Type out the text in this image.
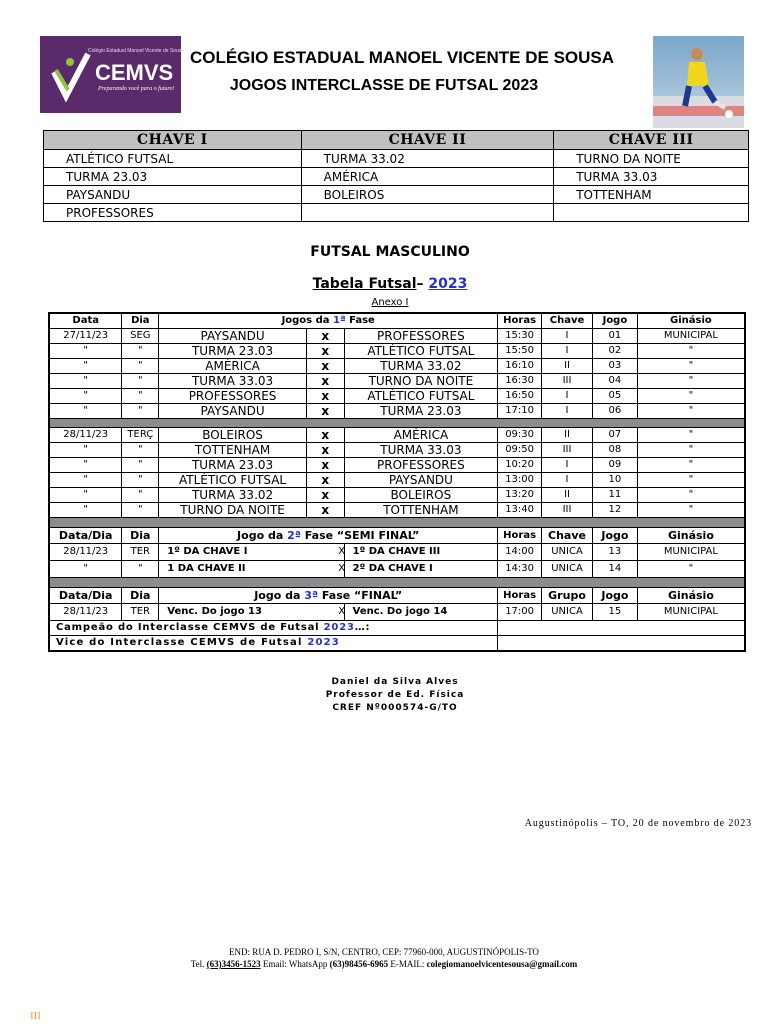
Colégio Estadual Manoel Vicente de Sousa
CEMVS
Preparando você para o futuro!
COLÉGIO ESTADUAL MANOEL VICENTE DE SOUSA
JOGOS INTERCLASSE DE FUTSAL 2023
CHAVE I	CHAVE II	CHAVE III
ATLÉTICO FUTSAL	TURMA 33.02	TURNO DA NOITE
TURMA 23.03	AMÉRICA	TURMA 33.03
PAYSANDU	BOLEIROS	TOTTENHAM
PROFESSORES		
FUTSAL MASCULINO
Tabela Futsal– 2023
Anexo I
Data	Dia	Jogos da 1ª Fase			Horas	Chave	Jogo	Ginásio
27/11/23	SEG	PAYSANDU	x	PROFESSORES	15:30	I	01	MUNICIPAL
"	"	TURMA 23.03	x	ATLÉTICO FUTSAL	15:50	I	02	"
"	"	AMÉRICA	x	TURMA 33.02	16:10	II	03	"
"	"	TURMA 33.03	x	TURNO DA NOITE	16:30	III	04	"
"	"	PROFESSORES	x	ATLÉTICO FUTSAL	16:50	I	05	"
"	"	PAYSANDU	x	TURMA 23.03	17:10	I	06	"

28/11/23	TERÇ	BOLEIROS	x	AMÉRICA	09:30	II	07	"
"	"	TOTTENHAM	x	TURMA 33.03	09:50	III	08	"
"	"	TURMA 23.03	x	PROFESSORES	10:20	I	09	"
"	"	ATLÉTICO FUTSAL	x	PAYSANDU	13:00	I	10	"
"	"	TURMA 33.02	x	BOLEIROS	13:20	II	11	"
"	"	TURNO DA NOITE	x	TOTTENHAM	13:40	III	12	"

Data/Dia	Dia	Jogo da 2ª Fase “SEMI FINAL”			Horas	Chave	Jogo	Ginásio
28/11/23	TER	1º DA CHAVE I		X 1º DA CHAVE III	14:00	UNICA	13	MUNICIPAL
"	"	1 DA CHAVE II		X 2º DA CHAVE I	14:30	UNICA	14	"

Data/Dia	Dia	Jogo da 3ª Fase “FINAL”			Horas	Grupo	Jogo	Ginásio
28/11/23	TER	Venc. Do jogo 13		X Venc. Do jogo 14	17:00	UNICA	15	MUNICIPAL
Campeão do Interclasse CEMVS de Futsal 2023…:								
Vice do Interclasse CEMVS de Futsal 2023								
Daniel da Silva Alves
Professor de Ed. Física
CREF Nº000574-G/TO
Augustinópolis – TO, 20 de novembro de 2023
END: RUA D. PEDRO I, S/N, CENTRO, CEP: 77960-000, AUGUSTINÓPOLIS-TO
Tel. (63)3456-1523 Email: WhatsApp (63)98456-6965 E-MAIL: colegiomanoelvicentesousa@gmail.com
III
